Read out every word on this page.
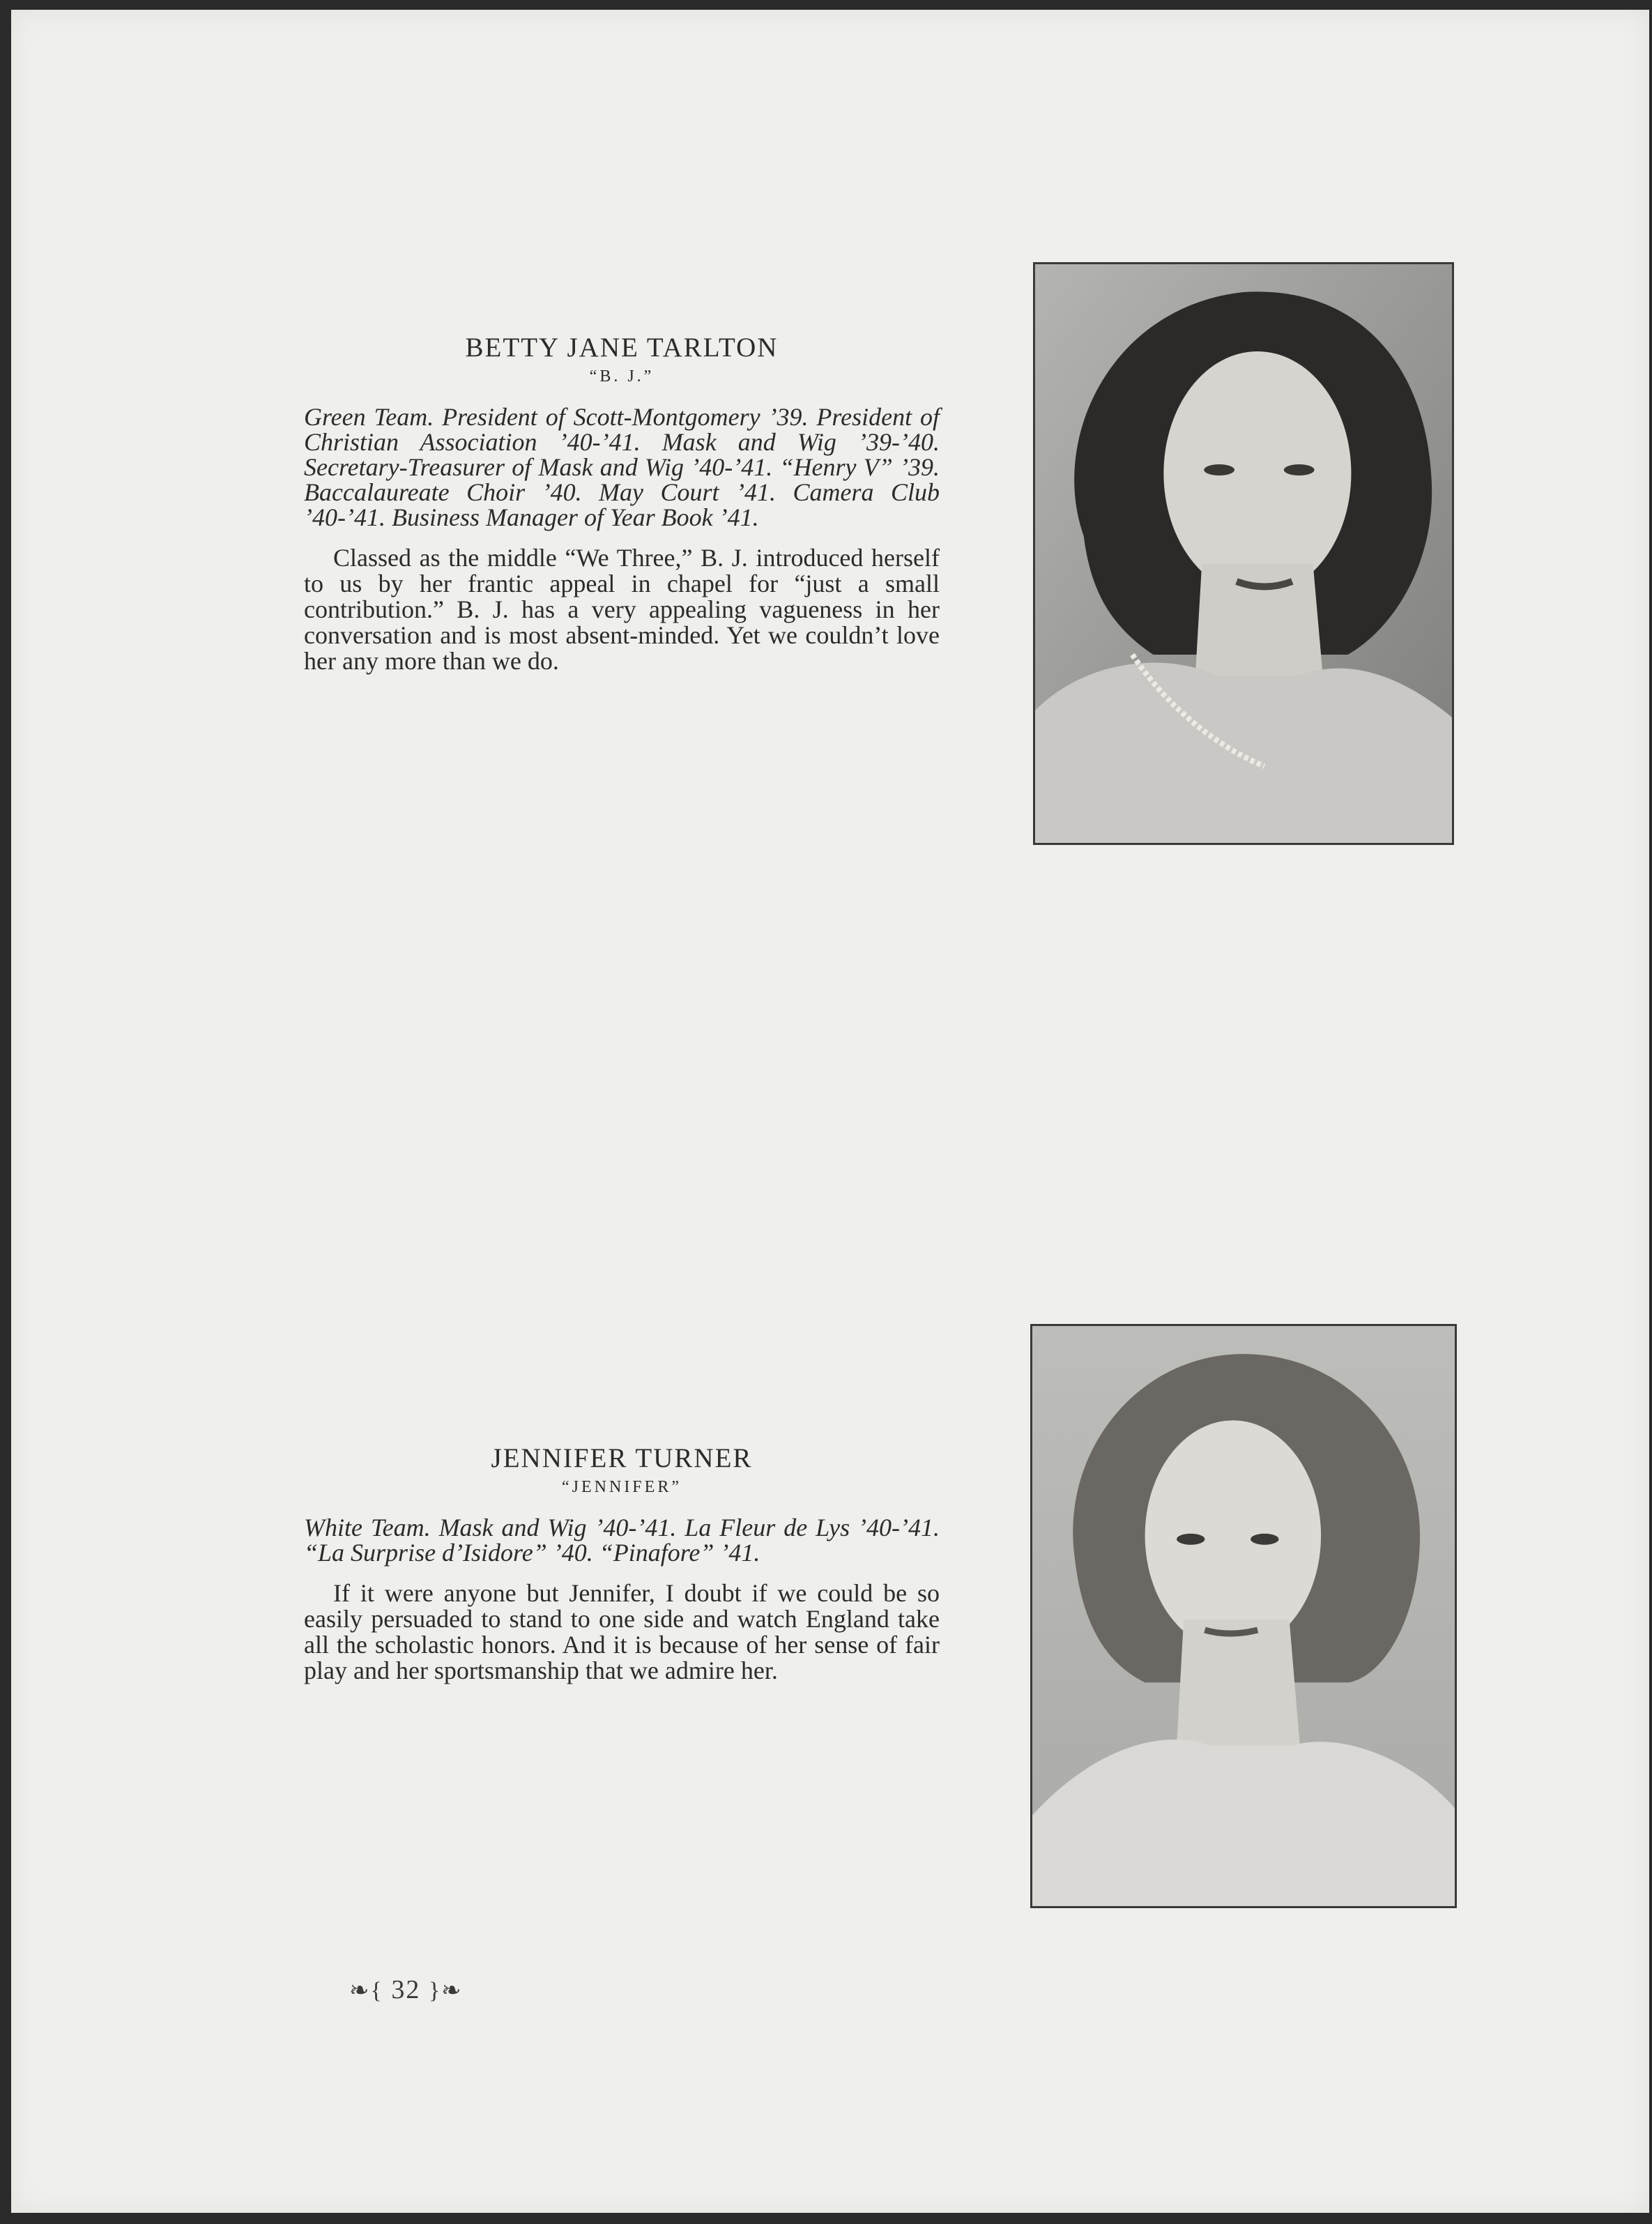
BETTY JANE TARLTON
“B. J.”

Green Team. President of Scott-Montgomery ’39. President of Christian Association ’40-’41. Mask and Wig ’39-’40. Secretary-Treasurer of Mask and Wig ’40-’41. “Henry V” ’39. Baccalaureate Choir ’40. May Court ’41. Camera Club ’40-’41. Business Manager of Year Book ’41.

Classed as the middle “We Three,” B. J. introduced herself to us by her frantic appeal in chapel for “just a small contribution.” B. J. has a very appealing vagueness in her conversation and is most absent-minded. Yet we couldn’t love her any more than we do.

JENNIFER TURNER
“JENNIFER”

White Team. Mask and Wig ’40-’41. La Fleur de Lys ’40-’41. “La Surprise d’Isidore” ’40. “Pinafore” ’41.

If it were anyone but Jennifer, I doubt if we could be so easily persuaded to stand to one side and watch England take all the scholastic honors. And it is because of her sense of fair play and her sportsmanship that we admire her.

❧{ 32 }❧
